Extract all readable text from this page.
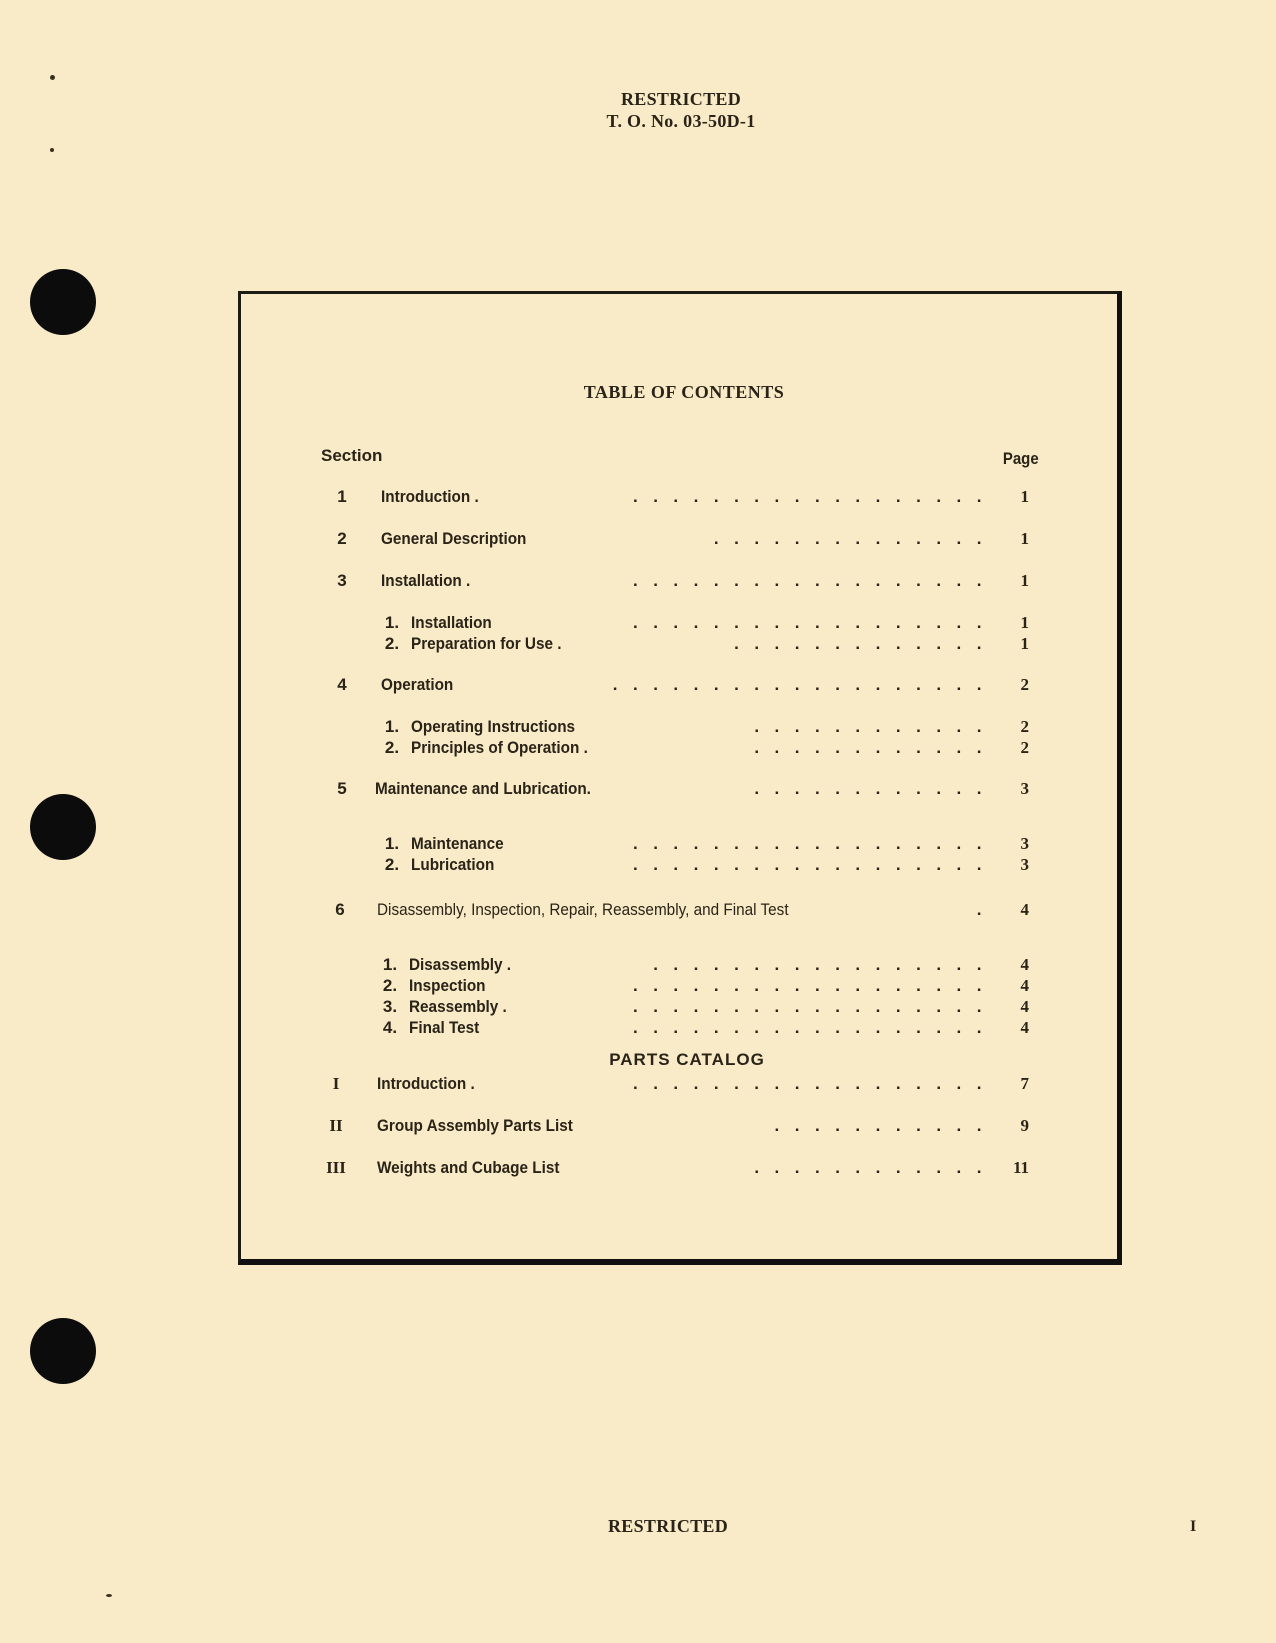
RESTRICTED
T. O. No. 03-50D-1
TABLE OF CONTENTS
Section	Page
1	Introduction .	..................	1
2	General Description	..............	1
3	Installation .	..................	1
1. Installation	..................	1
2. Preparation for Use .	.............	1
4	Operation	...................	2
1. Operating Instructions	............	2
2. Principles of Operation .	............	2
5	Maintenance and Lubrication.	............	3
1. Maintenance	..................	3
2. Lubrication	..................	3
6	Disassembly, Inspection, Repair, Reassembly, and Final Test	.	4
1. Disassembly .	.................	4
2. Inspection	..................	4
3. Reassembly .	..................	4
4. Final Test	..................	4
PARTS CATALOG
I	Introduction .	..................	7
II	Group Assembly Parts List	...........	9
III Weights and Cubage List	............ 11
RESTRICTED	I
